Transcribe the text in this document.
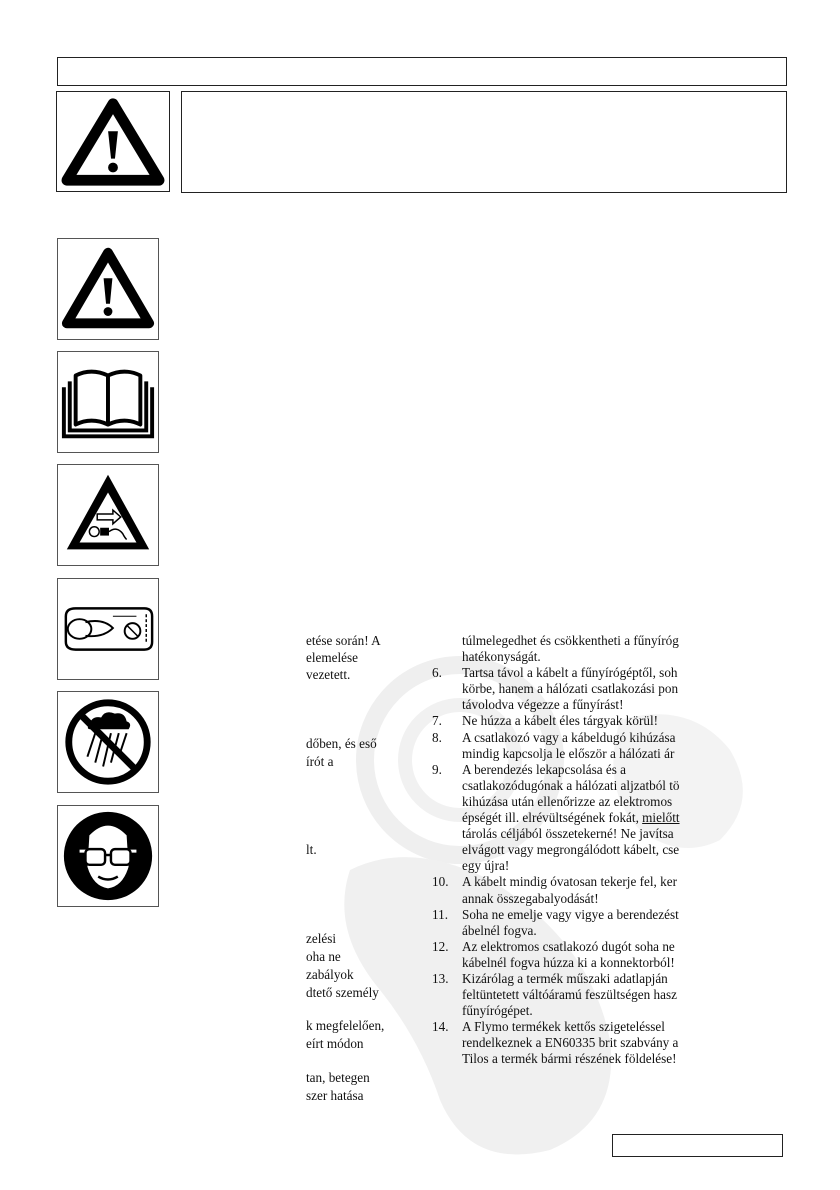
etése során! A
elemelése
vezetett.
dőben, és eső
írót a
lt.
zelési
oha ne
zabályok
dtető személy
k megfelelően,
eírt módon
tan, betegen
szer hatása
túlmelegedhet és csökkentheti a fűnyíróg
hatékonyságát.
6.	Tartsa távol a kábelt a fűnyírógéptől, soh
körbe, hanem a hálózati csatlakozási pon
távolodva végezze a fűnyírást!
7.	Ne húzza a kábelt éles tárgyak körül!
8.	A csatlakozó vagy a kábeldugó kihúzása
mindig kapcsolja le először a hálózati ár
9.	A berendezés lekapcsolása és a
csatlakozódugónak a hálózati aljzatból tö
kihúzása után ellenőrizze az elektromos
épségét ill. elrévültségének fokát, mielőtt
tárolás céljából összetekerné! Ne javítsa
elvágott vagy megrongálódott kábelt, cse
egy újra!
10.	A kábelt mindig óvatosan tekerje fel, ker
annak összegabalyodását!
11.	Soha ne emelje vagy vigye a berendezést
ábelnél fogva.
12.	Az elektromos csatlakozó dugót soha ne
kábelnél fogva húzza ki a konnektorból!
13.	Kizárólag a termék műszaki adatlapján
feltüntetett váltóáramú feszültségen hasz
fűnyírógépet.
14.	A Flymo termékek kettős szigeteléssel
rendelkeznek a EN60335 brit szabvány a
Tilos a termék bármi részének földelése!
